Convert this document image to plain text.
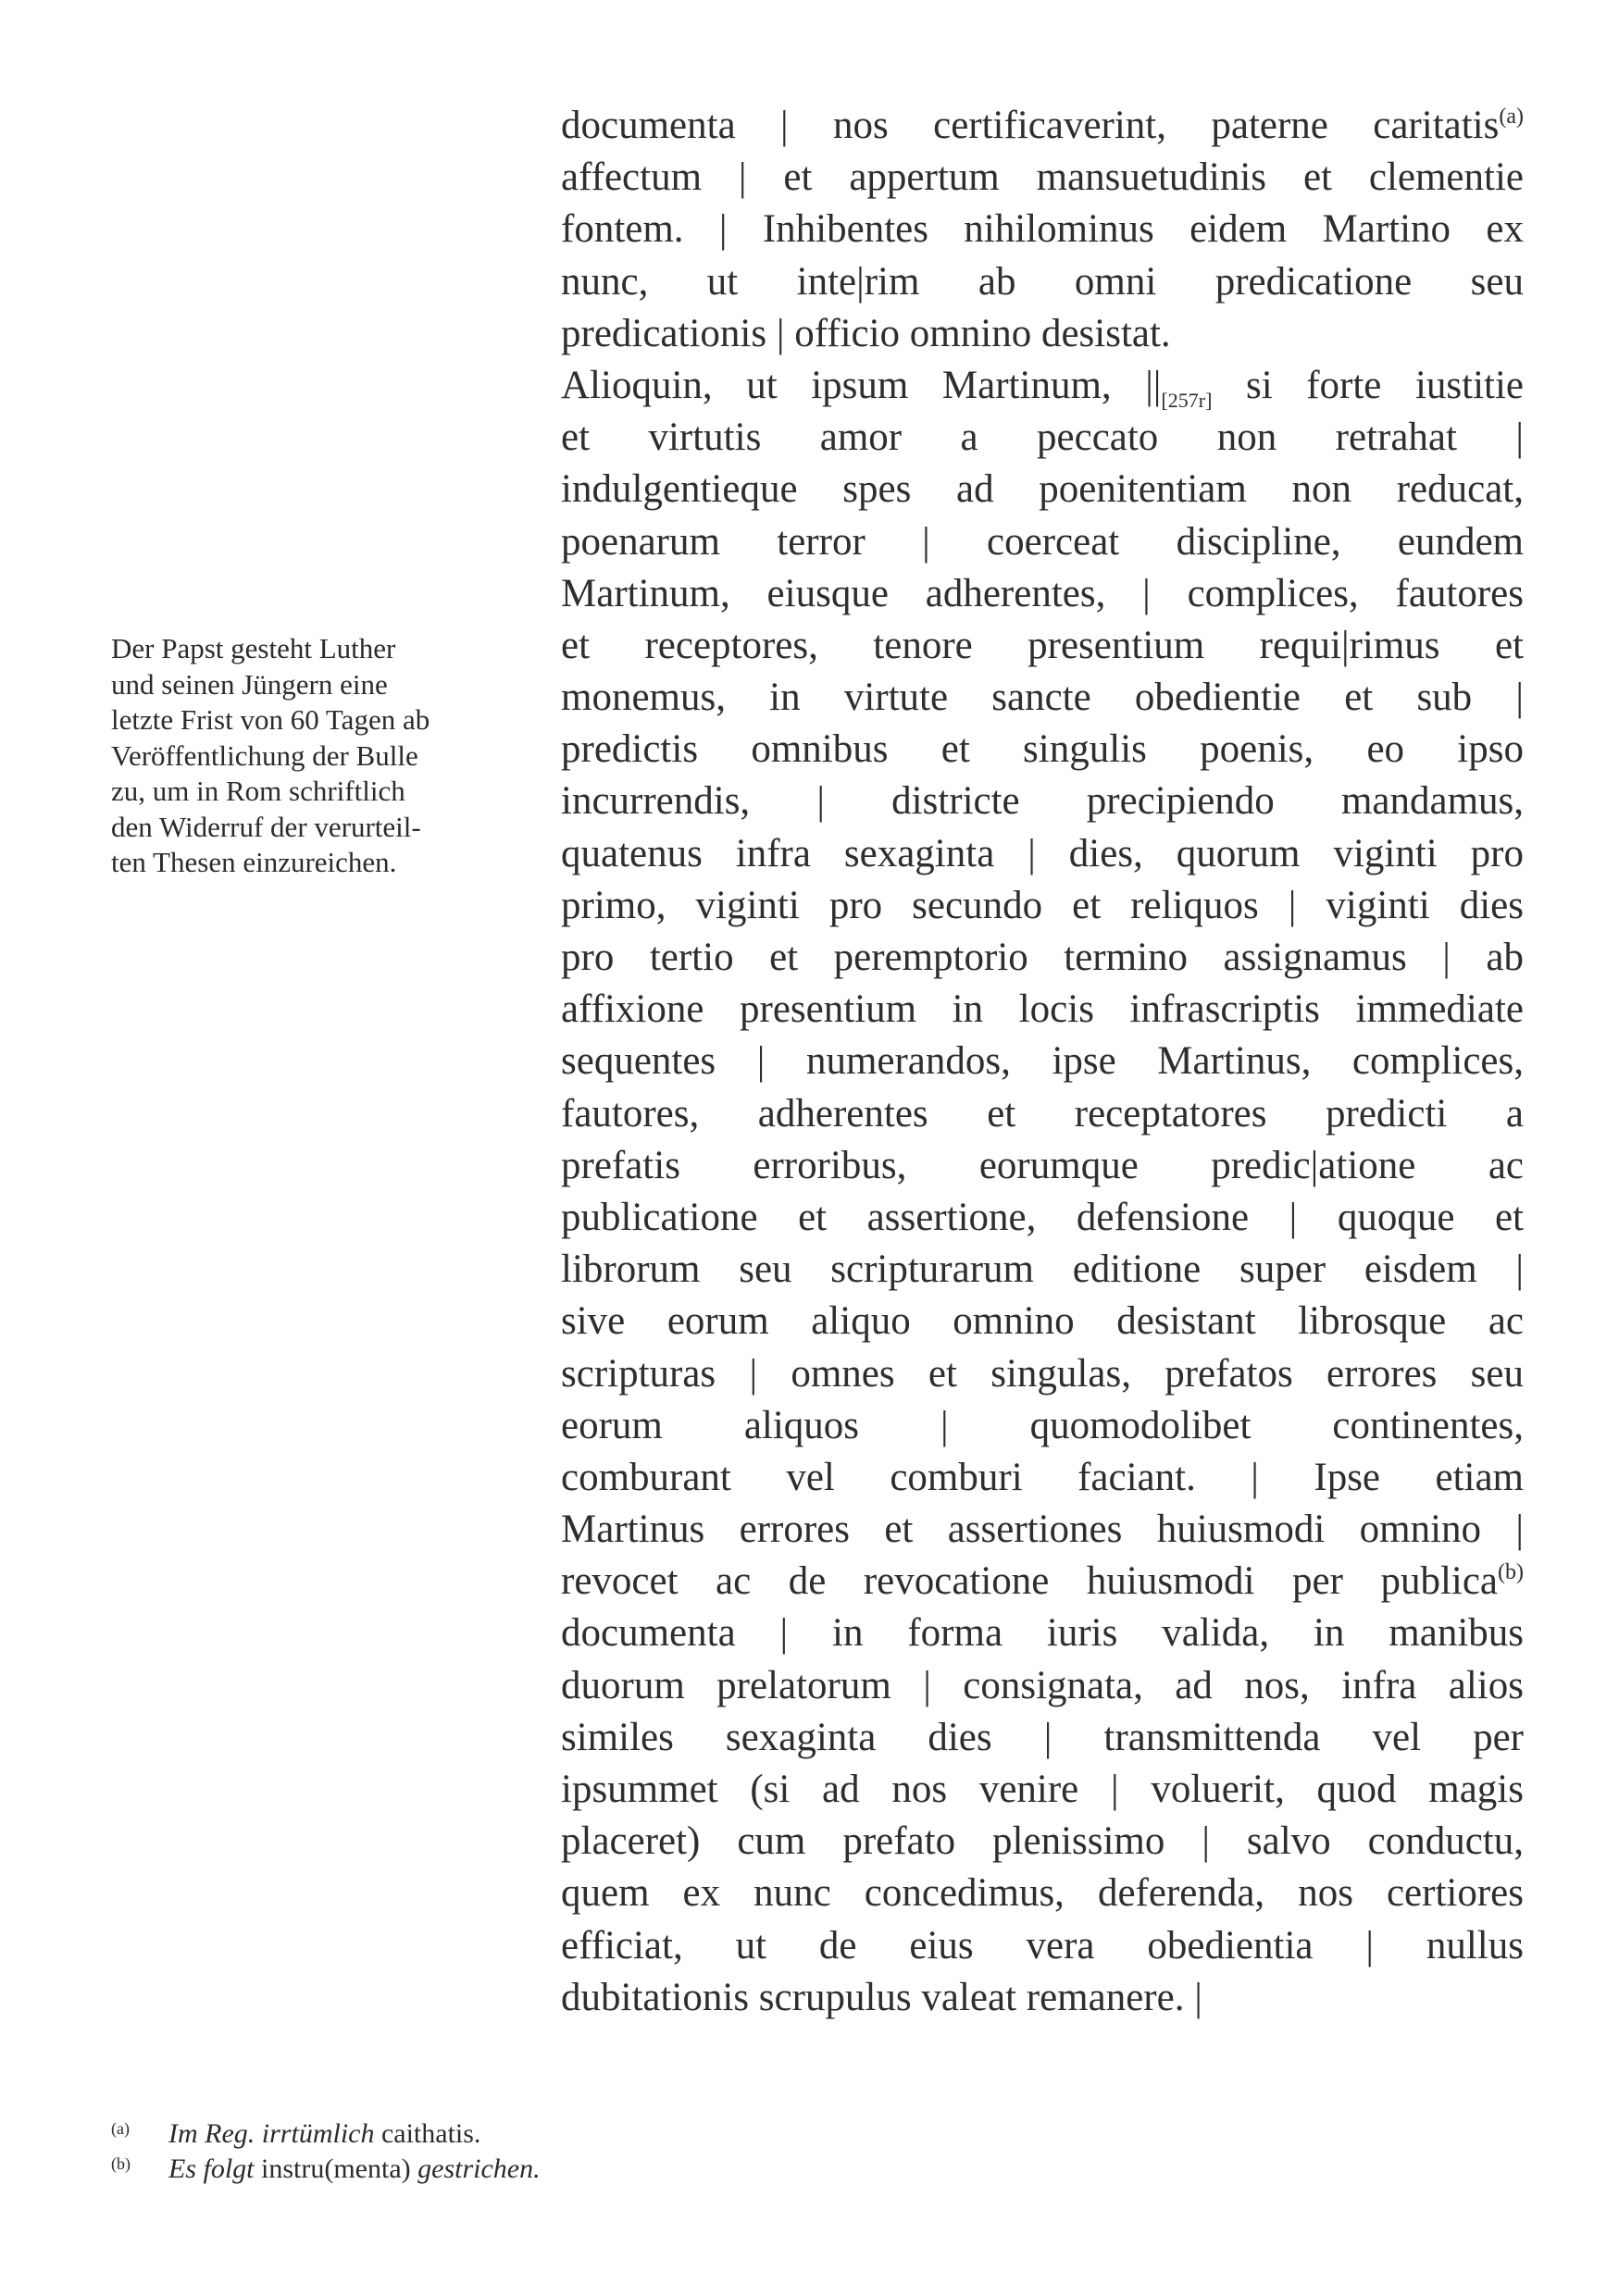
Der Papst gesteht Luther
und seinen Jüngern eine
letzte Frist von 60 Tagen ab
Veröffentlichung der Bulle
zu, um in Rom schriftlich
den Widerruf der verurteil-
ten Thesen einzureichen.
documenta | nos certificaverint, paterne caritatis$^{(a)}$
affectum | et appertum mansuetudinis et clementie
fontem. | Inhibentes nihilominus eidem Martino ex
nunc, ut inte|rim ab omni predicatione seu
predicationis | officio omnino desistat.
Alioquin, ut ipsum Martinum, $||_{[257r]}$ si forte iustitie
et virtutis amor a peccato non retrahat |
indulgentieque spes ad poenitentiam non reducat,
poenarum terror | coerceat discipline, eundem
Martinum, eiusque adherentes, | complices, fautores
et receptores, tenore presentium requi|rimus et
monemus, in virtute sancte obedientie et sub |
predictis omnibus et singulis poenis, eo ipso
incurrendis, | districte precipiendo mandamus,
quatenus infra sexaginta | dies, quorum viginti pro
primo, viginti pro secundo et reliquos | viginti dies
pro tertio et peremptorio termino assignamus | ab
affixione presentium in locis infrascriptis immediate
sequentes | numerandos, ipse Martinus, complices,
fautores, adherentes et receptatores predicti a
prefatis erroribus, eorumque predic|atione ac
publicatione et assertione, defensione | quoque et
librorum seu scripturarum editione super eisdem |
sive eorum aliquo omnino desistant librosque ac
scripturas | omnes et singulas, prefatos errores seu
eorum aliquos | quomodolibet continentes,
comburant vel comburi faciant. | Ipse etiam
Martinus errores et assertiones huiusmodi omnino |
revocet ac de revocatione huiusmodi per publica$^{(b)}$
documenta | in forma iuris valida, in manibus
duorum prelatorum | consignata, ad nos, infra alios
similes sexaginta dies | transmittenda vel per
ipsummet (si ad nos venire | voluerit, quod magis
placeret) cum prefato plenissimo | salvo conductu,
quem ex nunc concedimus, deferenda, nos certiores
efficiat, ut de eius vera obedientia | nullus
dubitationis scrupulus valeat remanere. |
(a) Im Reg. irrtümlich caithatis.
(b) Es folgt instru(menta) gestrichen.
